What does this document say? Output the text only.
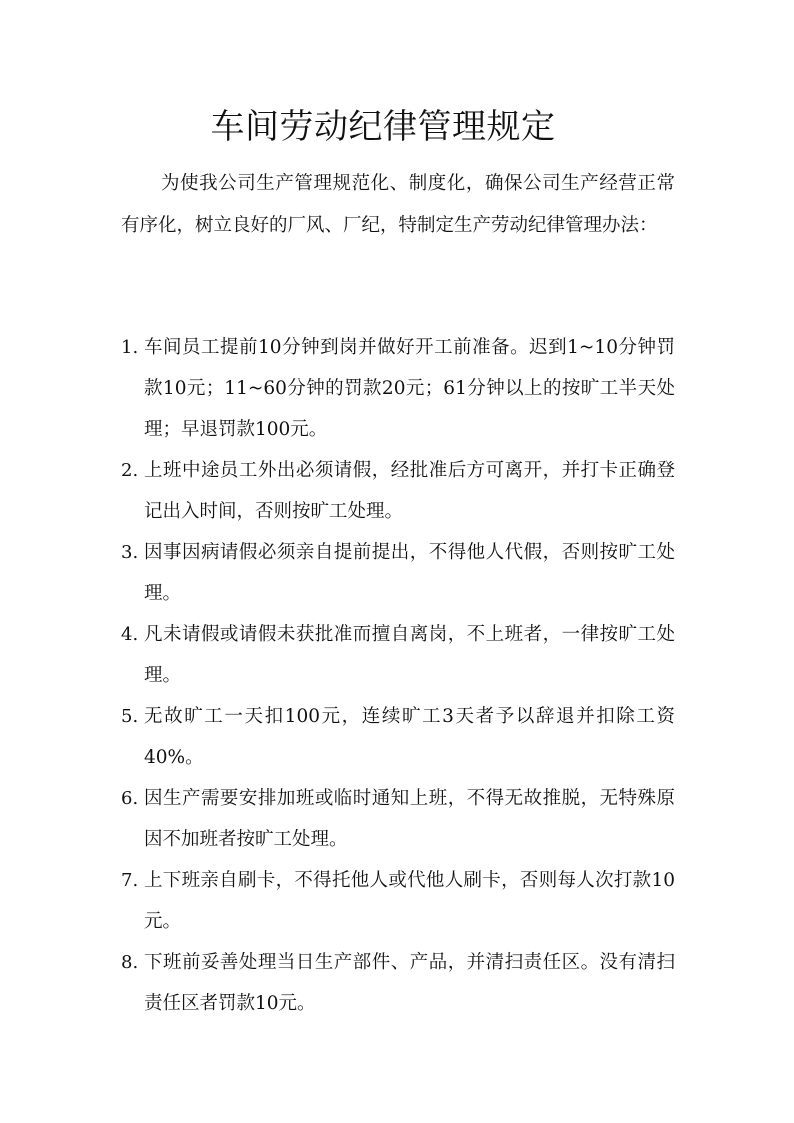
车间劳动纪律管理规定

为使我公司生产管理规范化、制度化，确保公司生产经营正常有序化，树立良好的厂风、厂纪，特制定生产劳动纪律管理办法：

1. 车间员工提前10分钟到岗并做好开工前准备。迟到1~10分钟罚款10元；11~60分钟的罚款20元；61分钟以上的按旷工半天处理；早退罚款100元。
2. 上班中途员工外出必须请假，经批准后方可离开，并打卡正确登记出入时间，否则按旷工处理。
3. 因事因病请假必须亲自提前提出，不得他人代假，否则按旷工处理。
4. 凡未请假或请假未获批准而擅自离岗，不上班者，一律按旷工处理。
5. 无故旷工一天扣100元，连续旷工3天者予以辞退并扣除工资40%。
6. 因生产需要安排加班或临时通知上班，不得无故推脱，无特殊原因不加班者按旷工处理。
7. 上下班亲自刷卡，不得托他人或代他人刷卡，否则每人次打款10元。
8. 下班前妥善处理当日生产部件、产品，并清扫责任区。没有清扫责任区者罚款10元。
